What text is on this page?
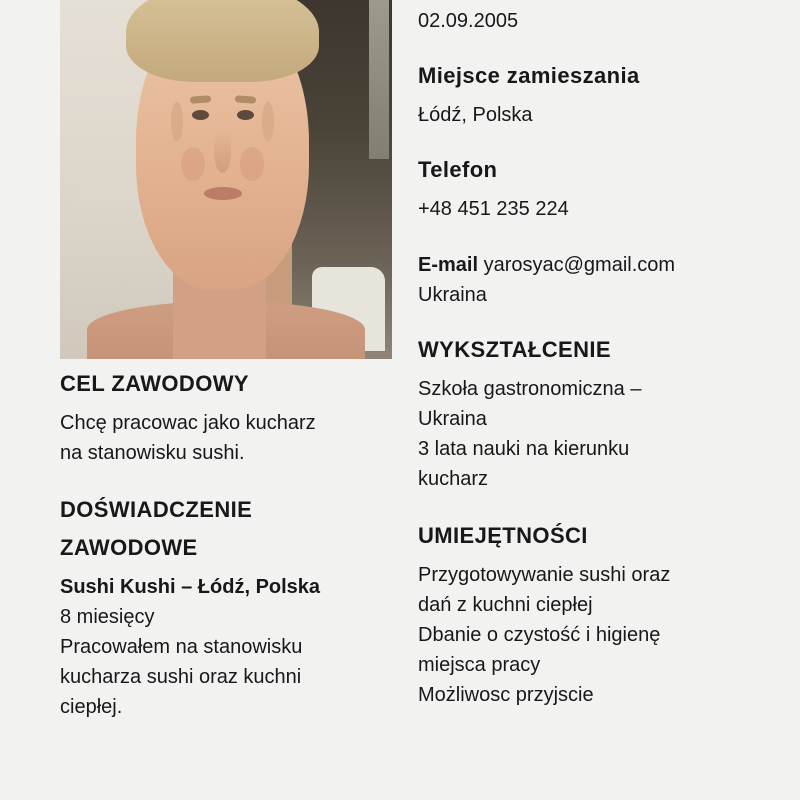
02.09.2005

Miejsce zamieszania

Łódź, Polska

Telefon

+48 451 235 224

E-mail yarosyac@gmail.com

Ukraina

WYKSZTAŁCENIE

Szkoła gastronomiczna –

Ukraina

3 lata nauki na kierunku

kucharz

UMIEJĘTNOŚCI

Przygotowywanie sushi oraz

dań z kuchni ciepłej

Dbanie o czystość i higienę

miejsca pracy

Możliwosc przyjscie

CEL ZAWODOWY

Chcę pracowac jako kucharz

na stanowisku sushi.

DOŚWIADCZENIE
ZAWODOWE

Sushi Kushi – Łódź, Polska

8 miesięcy

Pracowałem na stanowisku

kucharza sushi oraz kuchni

ciepłej.
